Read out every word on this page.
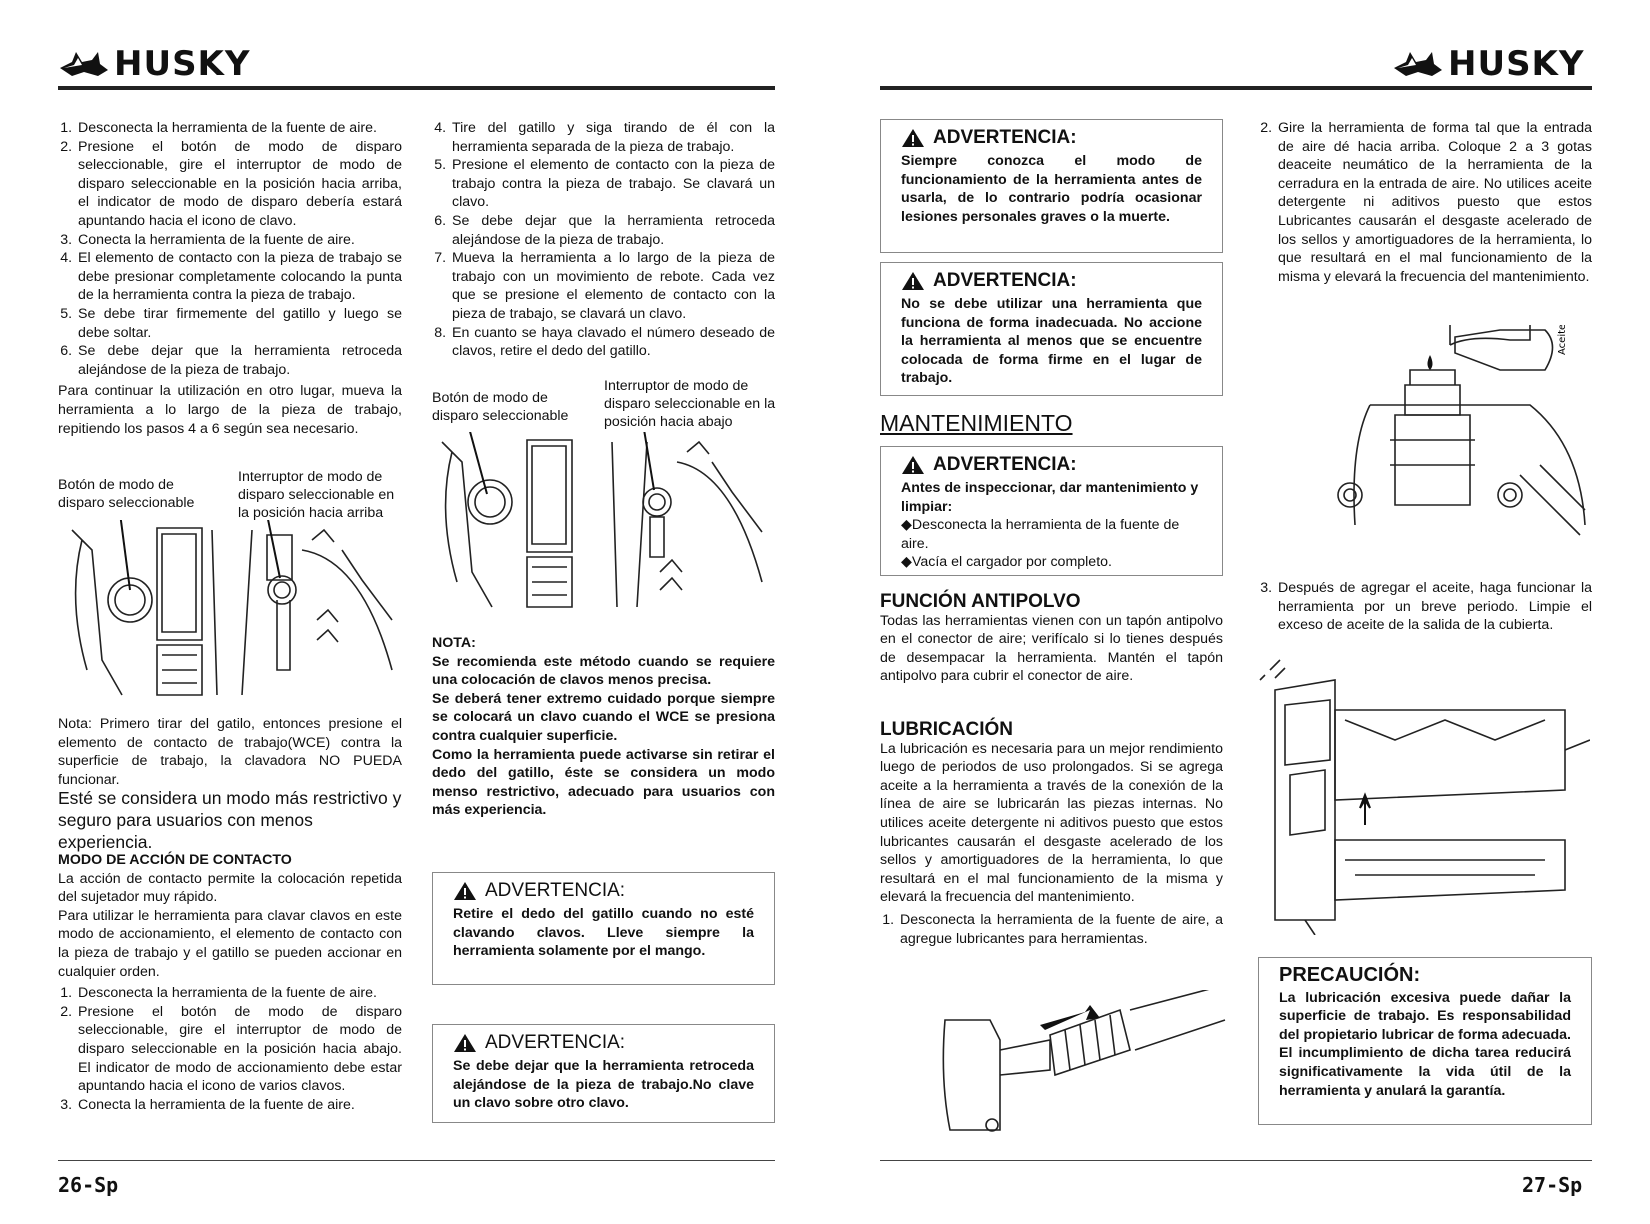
HUSKY
1. Desconecta la herramienta de la fuente de aire.
2. Presione el botón de modo de disparo seleccionable, gire el interruptor de modo de disparo seleccionable en la posición hacia arriba, el indicator de modo de disparo debería estará apuntando hacia el icono de clavo.
3. Conecta la herramienta de la fuente de aire.
4. El elemento de contacto con la pieza de trabajo se debe presionar completamente colocando la punta de la herramienta contra la pieza de trabajo.
5. Se debe tirar firmemente del gatillo y luego se debe soltar.
6. Se debe dejar que la herramienta retroceda alejándose de la pieza de trabajo.

Para continuar la utilización en otro lugar, mueva la herramienta a lo largo de la pieza de trabajo, repitiendo los pasos 4 a 6 según sea necesario.

Botón de modo de disparo seleccionable
Interruptor de modo de disparo seleccionable en la posición hacia arriba
Nota: Primero tirar del gatilo, entonces presione el elemento de contacto de trabajo(WCE) contra la superficie de trabajo, la clavadora NO PUEDA funcionar.
Esté se considera un modo más restrictivo y seguro para usuarios con menos experiencia.

MODO DE ACCIÓN DE CONTACTO

La acción de contacto permite la colocación repetida del sujetador muy rápido.

Para utilizar le herramienta para clavar clavos en este modo de accionamiento, el elemento de contacto con la pieza de trabajo y el gatillo se pueden accionar en cualquier orden.

1. Desconecta la herramienta de la fuente de aire.
2. Presione el botón de modo de disparo seleccionable, gire el interruptor de modo de disparo seleccionable en la posición hacia abajo. El indicator de modo de accionamiento debe estar apuntando hacia el icono de varios clavos.
3. Conecta la herramienta de la fuente de aire.
4. Tire del gatillo y siga tirando de él con la herramienta separada de la pieza de trabajo.
5. Presione el elemento de contacto con la pieza de trabajo contra la pieza de trabajo. Se clavará un clavo.
6. Se debe dejar que la herramienta retroceda alejándose de la pieza de trabajo.
7. Mueva la herramienta a lo largo de la pieza de trabajo con un movimiento de rebote. Cada vez que se presione el elemento de contacto con la pieza de trabajo, se clavará un clavo.
8. En cuanto se haya clavado el número deseado de clavos, retire el dedo del gatillo.
Botón de modo de disparo seleccionable
Interruptor de modo de disparo seleccionable en la posición hacia abajo

NOTA:

Se recomienda este método cuando se requiere una colocación de clavos menos precisa.

Se deberá tener extremo cuidado porque siempre se colocará un clavo cuando el WCE se presiona contra cualquier superficie.

Como la herramienta puede activarse sin retirar el dedo del gatillo, éste se considera un modo menso restrictivo, adecuado para usuarios con más experiencia.

ADVERTENCIA:

Retire el dedo del gatillo cuando no esté clavando clavos. Lleve siempre la herramienta solamente por el mango.

ADVERTENCIA:

Se debe dejar que la herramienta retroceda alejándose de la pieza de trabajo.No clave un clavo sobre otro clavo.

26-Sp
HUSKY
ADVERTENCIA:

Siempre conozca el modo de funcionamiento de la herramienta antes de usarla, de lo contrario podría ocasionar lesiones personales graves o la muerte.

ADVERTENCIA:

No se debe utilizar una herramienta que funciona de forma inadecuada. No accione la herramienta al menos que se encuentre colocada de forma firme en el lugar de trabajo.

MANTENIMIENTO
ADVERTENCIA:

Antes de inspeccionar, dar mantenimiento y limpiar:

◆Desconecta la herramienta de la fuente de aire.

◆Vacía el cargador por completo.

FUNCIÓN ANTIPOLVO

Todas las herramientas vienen con un tapón antipolvo en el conector de aire; verifícalo si lo tienes después de desempacar la herramienta. Mantén el tapón antipolvo para cubrir el conector de aire.

LUBRICACIÓN

La lubricación es necesaria para un mejor rendimiento luego de periodos de uso prolongados. Si se agrega aceite a la herramienta a través de la conexión de la línea de aire se lubricarán las piezas internas. No utilices aceite detergente ni aditivos puesto que estos lubricantes causarán el desgaste acelerado de los sellos y amortiguadores de la herramienta, lo que resultará en el mal funcionamiento de la misma y elevará la frecuencia del mantenimiento.

1. Desconecta la herramienta de la fuente de aire, a agregue lubricantes para herramientas.
2. Gire la herramienta de forma tal que la entrada de aire dé hacia arriba. Coloque 2 a 3 gotas deaceite neumático de la herramienta de la cerradura en la entrada de aire. No utilices aceite detergente ni aditivos puesto que estos Lubricantes causarán el desgaste acelerado de los sellos y amortiguadores de la herramienta, lo que resultará en el mal funcionamiento de la misma y elevará la frecuencia del mantenimiento.
Aceite
3. Después de agregar el aceite, haga funcionar la herramienta por un breve periodo. Limpie el exceso de aceite de la salida de la cubierta.
PRECAUCIÓN:

La lubricación excesiva puede dañar la superficie de trabajo. Es responsabilidad del propietario lubricar de forma adecuada. El incumplimiento de dicha tarea reducirá significativamente la vida útil de la herramienta y anulará la garantía.

27-Sp
